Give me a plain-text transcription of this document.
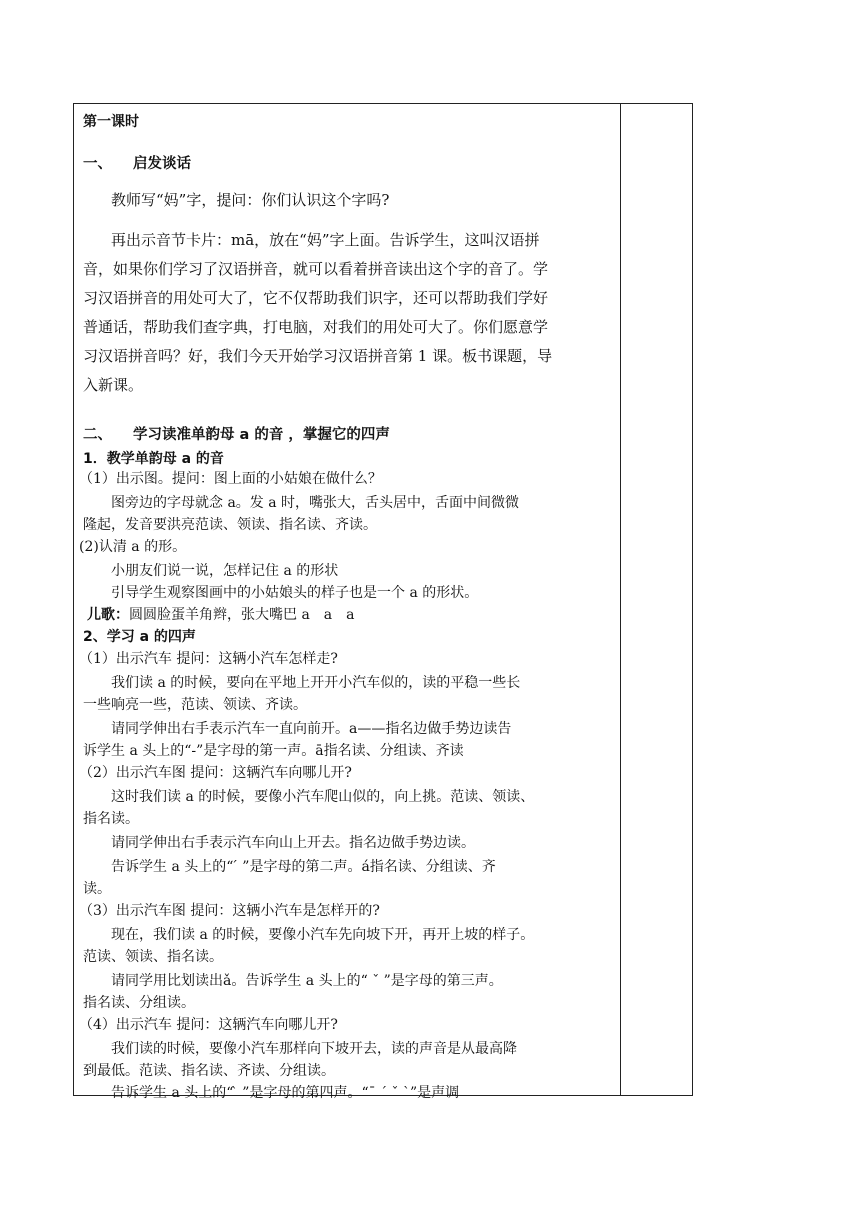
第一课时
一、 启发谈话
教师写“妈”字，提问：你们认识这个字吗?
再出示音节卡片：mā，放在“妈”字上面。告诉学生，这叫汉语拼
音，如果你们学习了汉语拼音，就可以看着拼音读出这个字的音了。学
习汉语拼音的用处可大了，它不仅帮助我们识字，还可以帮助我们学好
普通话，帮助我们查字典，打电脑，对我们的用处可大了。你们愿意学
习汉语拼音吗？好，我们今天开始学习汉语拼音第 1 课。板书课题，导
入新课。
二、 学习读准单韵母 a 的音 ，掌握它的四声
1．教学单韵母 a 的音
（1）出示图。提问：图上面的小姑娘在做什么？
图旁边的字母就念 a。发 a 时，嘴张大，舌头居中，舌面中间微微
隆起，发音要洪亮范读、领读、指名读、齐读。
(2)认清 a 的形。
小朋友们说一说，怎样记住 a 的形状
引导学生观察图画中的小姑娘头的样子也是一个 a 的形状。
儿歌：圆圆脸蛋羊角辫，张大嘴巴 a　a　a
2、学习 a 的四声
（1）出示汽车 提问：这辆小汽车怎样走?
我们读 a 的时候，要向在平地上开开小汽车似的，读的平稳一些长
一些响亮一些，范读、领读、齐读。
请同学伸出右手表示汽车一直向前开。a——指名边做手势边读告
诉学生 a 头上的“-”是字母的第一声。ā指名读、分组读、齐读
（2）出示汽车图 提问：这辆汽车向哪儿开?
这时我们读 a 的时候，要像小汽车爬山似的，向上挑。范读、领读、
指名读。
请同学伸出右手表示汽车向山上开去。指名边做手势边读。
告诉学生 a 头上的“ ́ ”是字母的第二声。á指名读、分组读、齐
读。
（3）出示汽车图 提问：这辆小汽车是怎样开的?
现在，我们读 a 的时候，要像小汽车先向坡下开，再开上坡的样子。
范读、领读、指名读。
请同学用比划读出ǎ。告诉学生 a 头上的“ ˇ ”是字母的第三声。
指名读、分组读。
（4）出示汽车 提问：这辆汽车向哪儿开?
我们读的时候，要像小汽车那样向下坡开去，读的声音是从最高降
到最低。范读、指名读、齐读、分组读。
告诉学生 a 头上的“ ̀ ”是字母的第四声。“ˉ ˊ ˇ ˋ”是声调
